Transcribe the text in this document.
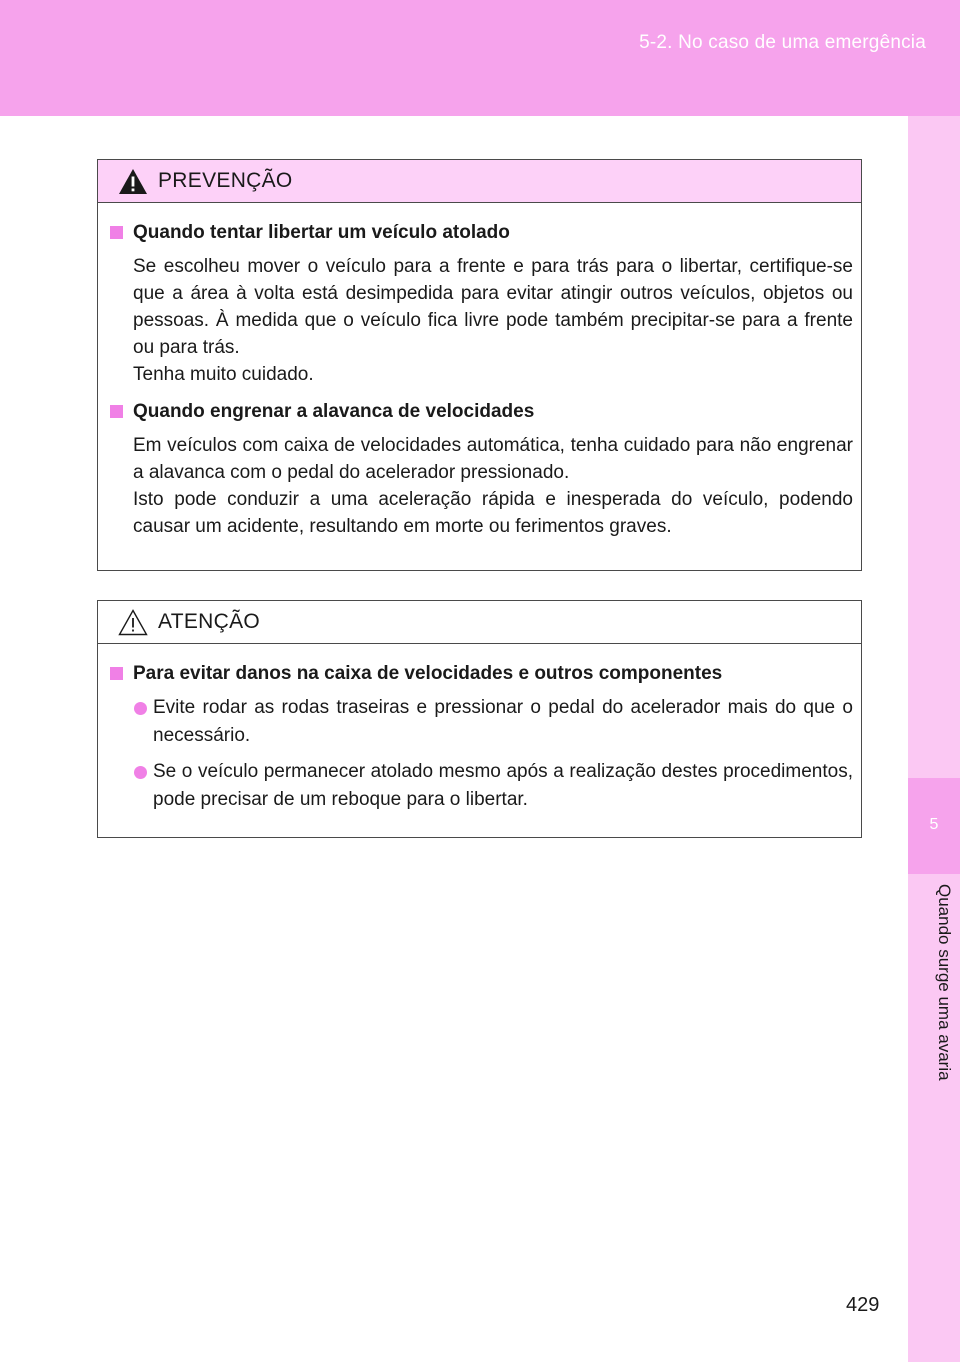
5-2. No caso de uma emergência
5
Quando surge uma avaria
PREVENÇÃO
Quando tentar libertar um veículo atolado

Se escolheu mover o veículo para a frente e para trás para o libertar, certifique-se que a área à volta está desimpedida para evitar atingir outros veículos, objetos ou pessoas. À medida que o veículo fica livre pode também precipitar-se para a frente ou para trás.

Tenha muito cuidado.

Quando engrenar a alavanca de velocidades

Em veículos com caixa de velocidades automática, tenha cuidado para não engrenar a alavanca com o pedal do acelerador pressionado.

Isto pode conduzir a uma aceleração rápida e inesperada do veículo, podendo causar um acidente, resultando em morte ou ferimentos graves.

ATENÇÃO
Para evitar danos na caixa de velocidades e outros componentes
Evite rodar as rodas traseiras e pressionar o pedal do acelerador mais do que o necessário.
Se o veículo permanecer atolado mesmo após a realização destes procedimentos, pode precisar de um reboque para o libertar.
429
